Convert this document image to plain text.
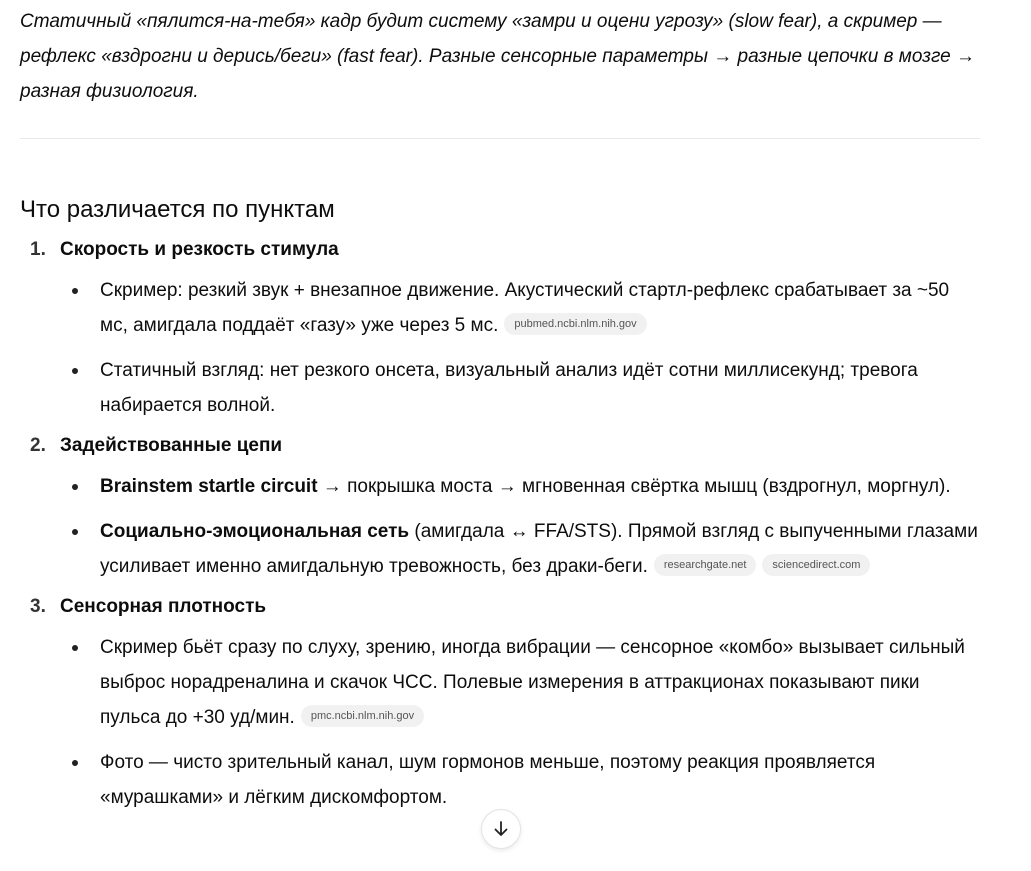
Статичный «пялится-на-тебя» кадр будит систему «замри и оцени угрозу» (slow fear), а скример — рефлекс «вздрогни и дерись/беги» (fast fear). Разные сенсорные параметры → разные цепочки в мозге → разная физиология.

Что различается по пунктам
1. Скорость и резкость стимула
Скример: резкий звук + внезапное движение. Акустический стартл-рефлекс срабатывает за ~50 мс, амигдала поддаёт «газу» уже через 5 мс. pubmed.ncbi.nlm.nih.gov
Статичный взгляд: нет резкого онсета, визуальный анализ идёт сотни миллисекунд; тревога набирается волной.
2. Задействованные цепи
Brainstem startle circuit → покрышка моста → мгновенная свёртка мышц (вздрогнул, моргнул).
Социально-эмоциональная сеть (амигдала ↔ FFA/STS). Прямой взгляд с выпученными глазами усиливает именно амигдальную тревожность, без драки-беги. researchgate.net sciencedirect.com
3. Сенсорная плотность
Скример бьёт сразу по слуху, зрению, иногда вибрации — сенсорное «комбо» вызывает сильный выброс норадреналина и скачок ЧСС. Полевые измерения в аттракционах показывают пики пульса до +30 уд/мин. pmc.ncbi.nlm.nih.gov
Фото — чисто зрительный канал, шум гормонов меньше, поэтому реакция проявляется «мурашками» и лёгким дискомфортом.
